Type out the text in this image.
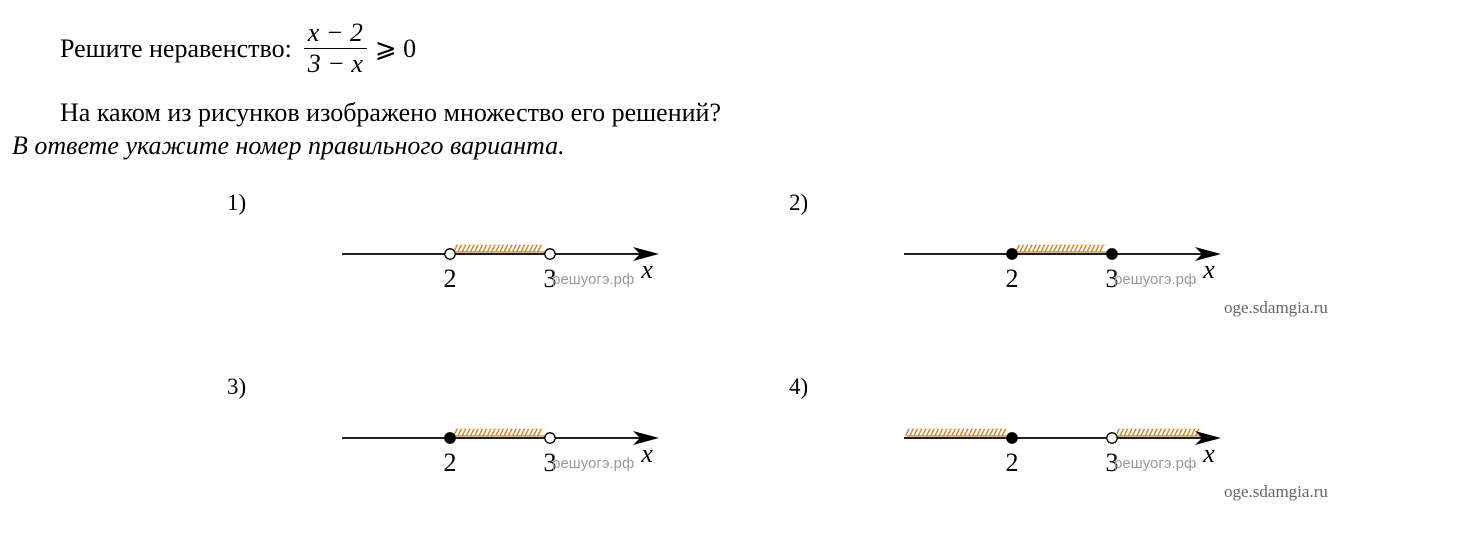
Решите неравенство: $\frac{x - 2}{3 - x}$ ⩾ 0
На каком из рисунков изображено множество его решений?
В ответе укажите номер правильного варианта.
1)
2	3	x
решуогэ.рф
2)
2	3	x
решуогэ.рф
oge.sdamgia.ru
3)
2	3	x
решуогэ.рф
4)
2	3	x
решуогэ.рф
oge.sdamgia.ru
